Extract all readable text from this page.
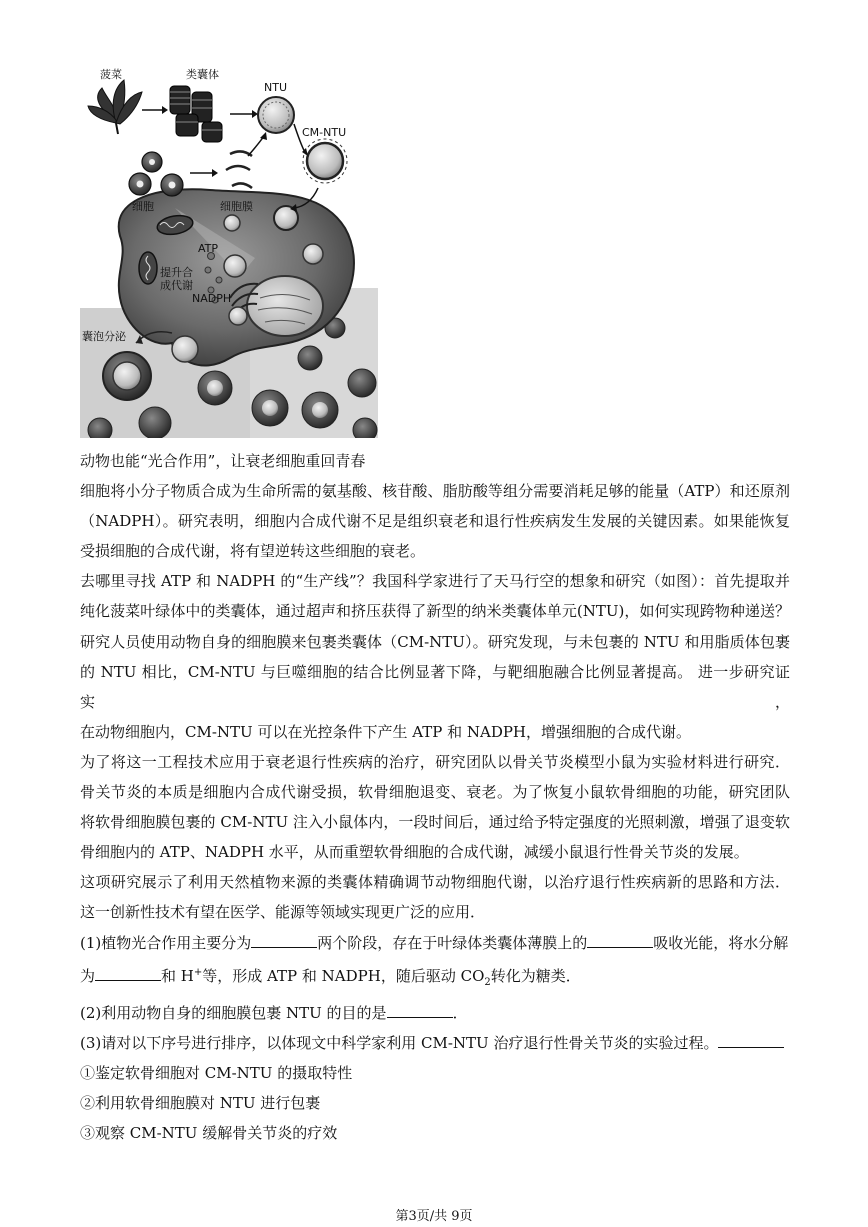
菠菜	类囊体
NTU
CM-NTU
细胞	细胞膜
ATP
提升合
成代谢
NADPH
囊泡分泌
动物也能“光合作用”，让衰老细胞重回青春
细胞将小分子物质合成为生命所需的氨基酸、核苷酸、脂肪酸等组分需要消耗足够的能量（ATP）和还原剂
（NADPH）。研究表明，细胞内合成代谢不足是组织衰老和退行性疾病发生发展的关键因素。如果能恢复
受损细胞的合成代谢，将有望逆转这些细胞的衰老。
去哪里寻找 ATP 和 NADPH 的“生产线”？我国科学家进行了天马行空的想象和研究（如图）：首先提取并
纯化菠菜叶绿体中的类囊体，通过超声和挤压获得了新型的纳米类囊体单元(NTU)，如何实现跨物种递送？
研究人员使用动物自身的细胞膜来包裹类囊体（CM-NTU）。研究发现，与未包裹的 NTU 和用脂质体包裹
的 NTU 相比，CM-NTU 与巨噬细胞的结合比例显著下降，与靶细胞融合比例显著提高。 进一步研究证实，
在动物细胞内，CM-NTU 可以在光控条件下产生 ATP 和 NADPH，增强细胞的合成代谢。
为了将这一工程技术应用于衰老退行性疾病的治疗，研究团队以骨关节炎模型小鼠为实验材料进行研究．
骨关节炎的本质是细胞内合成代谢受损，软骨细胞退变、衰老。为了恢复小鼠软骨细胞的功能，研究团队
将软骨细胞膜包裹的 CM-NTU 注入小鼠体内，一段时间后，通过给予特定强度的光照刺激，增强了退变软
骨细胞内的 ATP、NADPH 水平，从而重塑软骨细胞的合成代谢，减缓小鼠退行性骨关节炎的发展。
这项研究展示了利用天然植物来源的类囊体精确调节动物细胞代谢，以治疗退行性疾病新的思路和方法．
这一创新性技术有望在医学、能源等领域实现更广泛的应用．
(1)植物光合作用主要分为	两个阶段，存在于叶绿体类囊体薄膜上的	吸收光能，将水分解
为	和 H+等，形成 ATP 和 NADPH，随后驱动 $CO_2$转化为糖类．
(2)利用动物自身的细胞膜包裹 NTU 的目的是	．
(3)请对以下序号进行排序，以体现文中科学家利用 CM-NTU 治疗退行性骨关节炎的实验过程。
①鉴定软骨细胞对 CM-NTU 的摄取特性
②利用软骨细胞膜对 NTU 进行包裹
③观察 CM-NTU 缓解骨关节炎的疗效
第3页/共 9页
